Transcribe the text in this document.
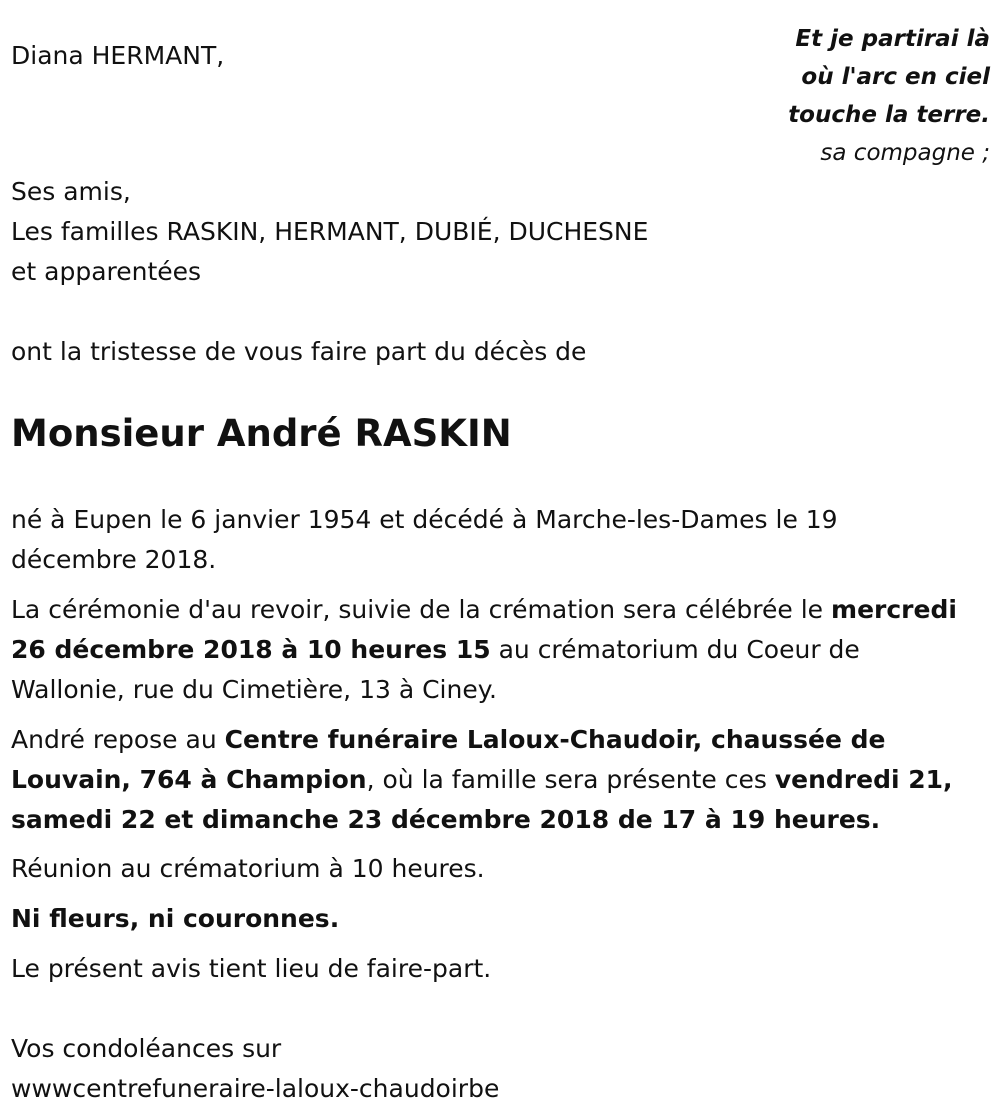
Diana HERMANT,
Et je partirai là
où l'arc en ciel
touche la terre.
sa compagne ;
Ses amis,
Les familles RASKIN, HERMANT, DUBIÉ, DUCHESNE
et apparentées
ont la tristesse de vous faire part du décès de
Monsieur André RASKIN
né à Eupen le 6 janvier 1954 et décédé à Marche-les-Dames le 19 décembre 2018.
La cérémonie d'au revoir, suivie de la crémation sera célébrée le mercredi 26 décembre 2018 à 10 heures 15 au crématorium du Coeur de Wallonie, rue du Cimetière, 13 à Ciney.
André repose au Centre funéraire Laloux-Chaudoir, chaussée de Louvain, 764 à Champion, où la famille sera présente ces vendredi 21, samedi 22 et dimanche 23 décembre 2018 de 17 à 19 heures.
Réunion au crématorium à 10 heures.
Ni fleurs, ni couronnes.
Le présent avis tient lieu de faire-part.
Vos condoléances sur
wwwcentrefuneraire-laloux-chaudoirbe
